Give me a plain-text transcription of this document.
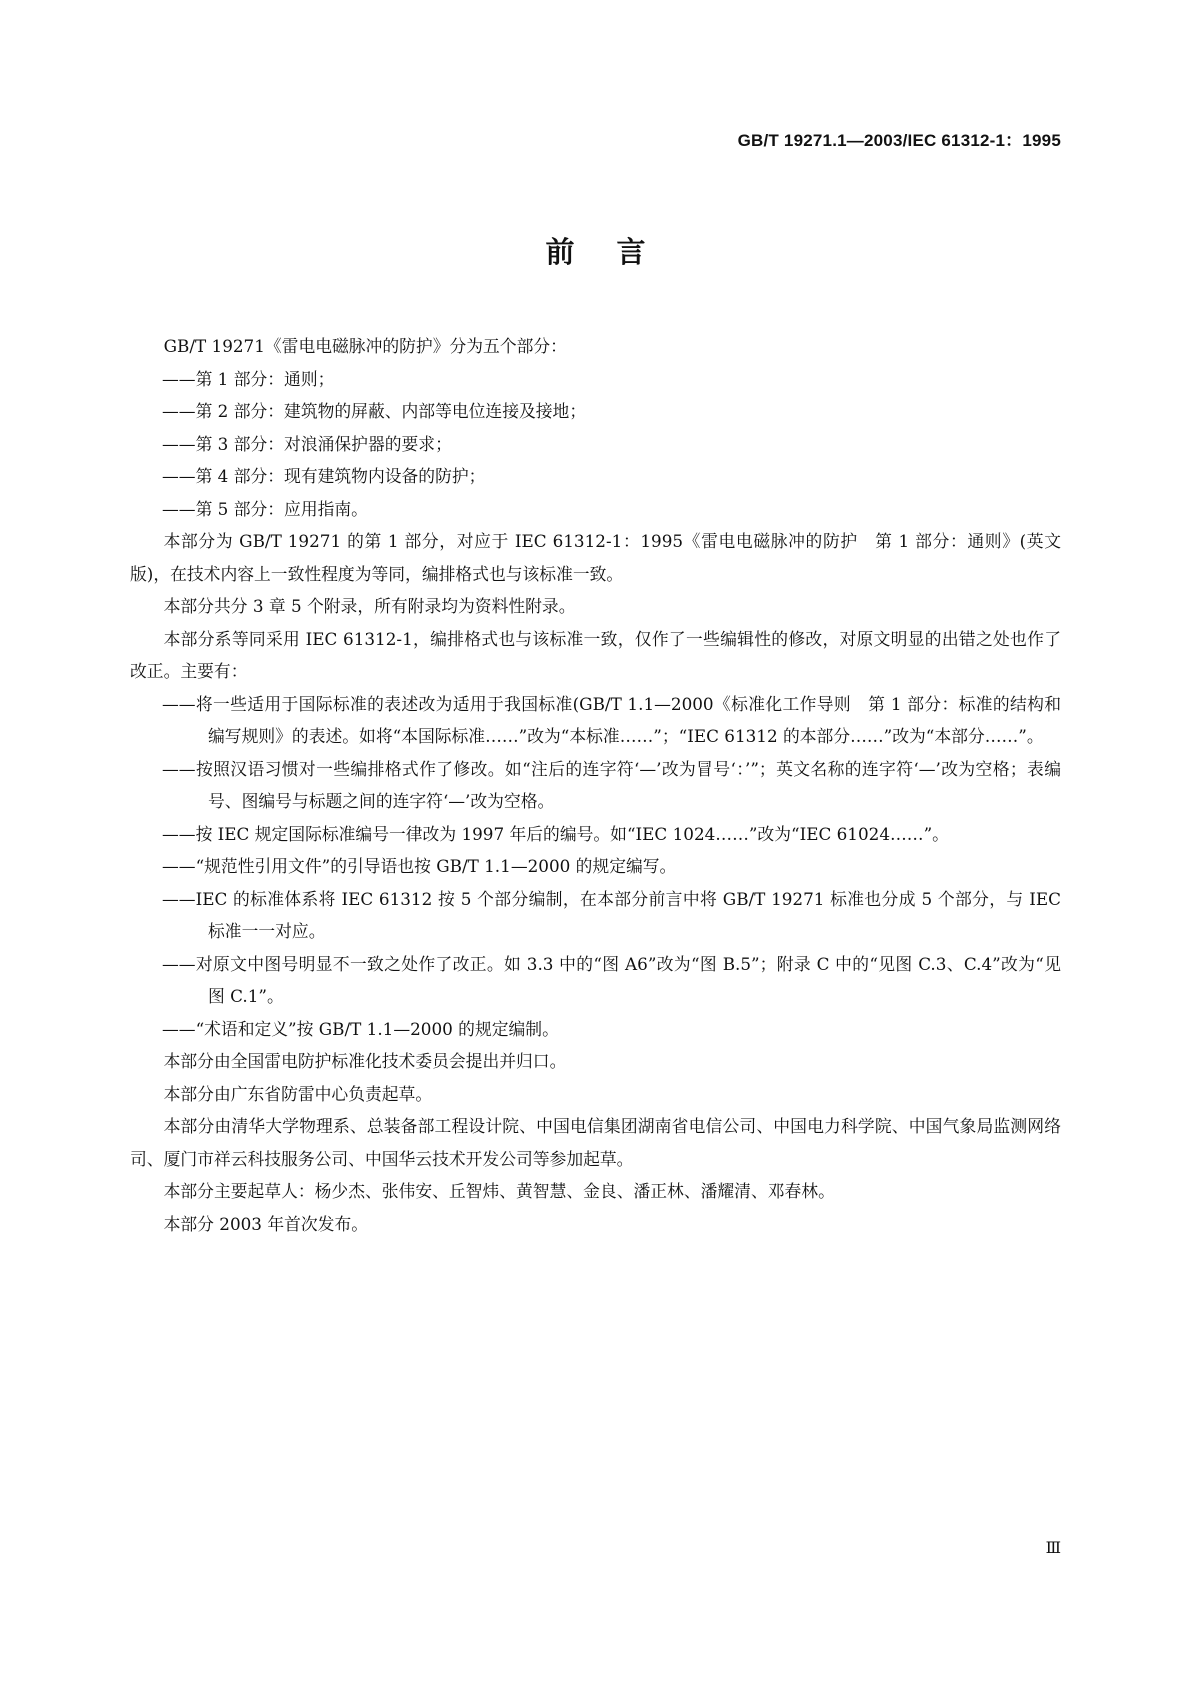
GB/T 19271.1—2003/IEC 61312-1：1995
前言
GB/T 19271《雷电电磁脉冲的防护》分为五个部分：
——第 1 部分：通则；
——第 2 部分：建筑物的屏蔽、内部等电位连接及接地；
——第 3 部分：对浪涌保护器的要求；
——第 4 部分：现有建筑物内设备的防护；
——第 5 部分：应用指南。
本部分为 GB/T 19271 的第 1 部分，对应于 IEC 61312-1：1995《雷电电磁脉冲的防护　第 1 部分：通则》(英文版)，在技术内容上一致性程度为等同，编排格式也与该标准一致。
本部分共分 3 章 5 个附录，所有附录均为资料性附录。
本部分系等同采用 IEC 61312-1，编排格式也与该标准一致，仅作了一些编辑性的修改，对原文明显的出错之处也作了改正。主要有：
——将一些适用于国际标准的表述改为适用于我国标准(GB/T 1.1—2000《标准化工作导则　第 1 部分：标准的结构和编写规则》的表述。如将“本国际标准……”改为“本标准……”；“IEC 61312 的本部分……”改为“本部分……”。
——按照汉语习惯对一些编排格式作了修改。如“注后的连字符‘—’改为冒号‘：’”；英文名称的连字符‘—’改为空格；表编号、图编号与标题之间的连字符‘—’改为空格。
——按 IEC 规定国际标准编号一律改为 1997 年后的编号。如“IEC 1024……”改为“IEC 61024……”。
——“规范性引用文件”的引导语也按 GB/T 1.1—2000 的规定编写。
——IEC 的标准体系将 IEC 61312 按 5 个部分编制，在本部分前言中将 GB/T 19271 标准也分成 5 个部分，与 IEC 标准一一对应。
——对原文中图号明显不一致之处作了改正。如 3.3 中的“图 A6”改为“图 B.5”；附录 C 中的“见图 C.3、C.4”改为“见图 C.1”。
——“术语和定义”按 GB/T 1.1—2000 的规定编制。
本部分由全国雷电防护标准化技术委员会提出并归口。
本部分由广东省防雷中心负责起草。
本部分由清华大学物理系、总装备部工程设计院、中国电信集团湖南省电信公司、中国电力科学院、中国气象局监测网络司、厦门市祥云科技服务公司、中国华云技术开发公司等参加起草。
本部分主要起草人：杨少杰、张伟安、丘智炜、黄智慧、金良、潘正林、潘耀清、邓春林。
本部分 2003 年首次发布。
Ⅲ
